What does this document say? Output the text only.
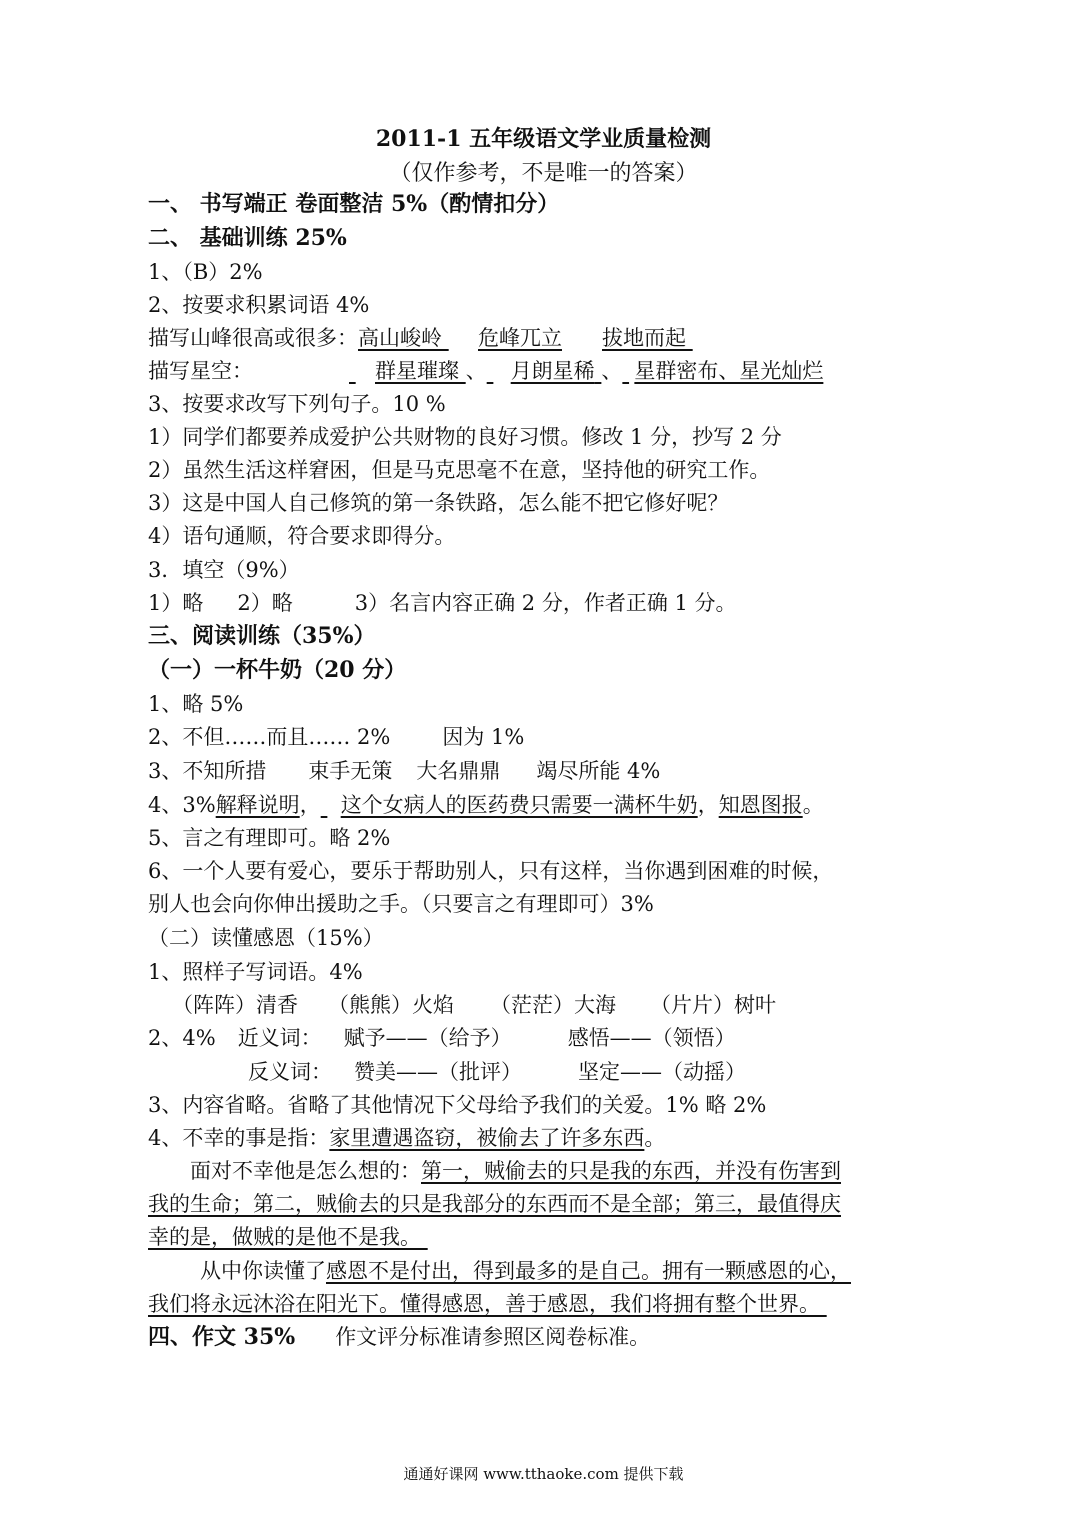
2011-1 五年级语文学业质量检测
（仅作参考，不是唯一的答案）
一、 书写端正 卷面整洁 5%（酌情扣分）
二、 基础训练 25%
1、（B）2%
2、按要求积累词语 4%
描写山峰很高或很多：高山峻岭 危峰兀立 拔地而起
描写星空：	群星璀璨 、 月朗星稀 、 星群密布、星光灿烂
3、按要求改写下列句子。10 %
1）同学们都要养成爱护公共财物的良好习惯。修改 1 分，抄写 2 分
2）虽然生活这样窘困，但是马克思毫不在意，坚持他的研究工作。
3）这是中国人自己修筑的第一条铁路，怎么能不把它修好呢？
4）语句通顺，符合要求即得分。
3．填空（9%）
1）略 2）略	3）名言内容正确 2 分，作者正确 1 分。
三、阅读训练（35%）
（一）一杯牛奶（20 分）
1、略 5%
2、不但……而且…… 2% 因为 1%
3、不知所措 束手无策 大名鼎鼎 竭尽所能 4%
4、3%解释说明， 这个女病人的医药费只需要一满杯牛奶，知恩图报。
5、言之有理即可。略 2%
6、一个人要有爱心，要乐于帮助别人，只有这样，当你遇到困难的时候，
别人也会向你伸出援助之手。（只要言之有理即可）3%
（二）读懂感恩（15%）
1、照样子写词语。4%
（阵阵）清香 （熊熊）火焰 （茫茫）大海 （片片）树叶
2、4% 近义词： 赋予——（给予）	感悟——（领悟）
反义词： 赞美——（批评）	坚定——（动摇）
3、内容省略。省略了其他情况下父母给予我们的关爱。1% 略 2%
4、不幸的事是指：家里遭遇盗窃，被偷去了许多东西。
面对不幸他是怎么想的：第一，贼偷去的只是我的东西，并没有伤害到
我的生命；第二，贼偷去的只是我部分的东西而不是全部；第三，最值得庆
幸的是，做贼的是他不是我。
从中你读懂了感恩不是付出，得到最多的是自己。拥有一颗感恩的心，
我们将永远沐浴在阳光下。懂得感恩，善于感恩，我们将拥有整个世界。
四、作文 35% 作文评分标准请参照区阅卷标准。
通通好课网 www.tthaoke.com 提供下载
